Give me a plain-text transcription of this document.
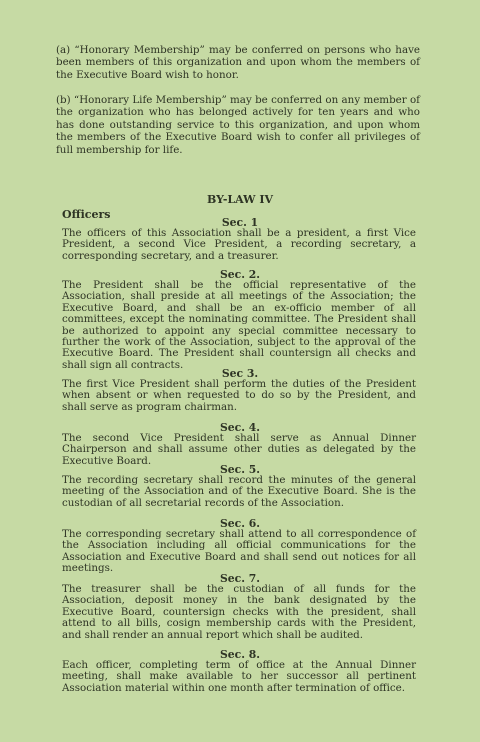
(a) “Honorary Membership” may be conferred on persons who have been members of this organization and upon whom the members of the Executive Board wish to honor.

(b) “Honorary Life Membership” may be conferred on any member of the organization who has belonged actively for ten years and who has done outstanding service to this organization, and upon whom the members of the Executive Board wish to confer all privileges of full membership for life.

BY-LAW IV

Officers

Sec. 1

The officers of this Association shall be a president, a first Vice President, a second Vice President, a recording secretary, a corresponding secretary, and a treasurer.

Sec. 2.

The President shall be the official representative of the Association, shall preside at all meetings of the Association; the Executive Board, and shall be an ex-officio member of all committees, except the nominating committee. The President shall be authorized to appoint any special committee necessary to further the work of the Association, subject to the approval of the Executive Board. The President shall countersign all checks and shall sign all contracts.

Sec 3.

The first Vice President shall perform the duties of the President when absent or when requested to do so by the President, and shall serve as program chairman.

Sec. 4.

The second Vice President shall serve as Annual Dinner Chairperson and shall assume other duties as delegated by the Executive Board.

Sec. 5.

The recording secretary shall record the minutes of the general meeting of the Association and of the Executive Board. She is the custodian of all secretarial records of the Association.

Sec. 6.

The corresponding secretary shall attend to all correspondence of the Association including all official communications for the Association and Executive Board and shall send out notices for all meetings.

Sec. 7.

The treasurer shall be the custodian of all funds for the Association, deposit money in the bank designated by the Executive Board, countersign checks with the president, shall attend to all bills, cosign membership cards with the President, and shall render an annual report which shall be audited.

Sec. 8.

Each officer, completing term of office at the Annual Dinner meeting, shall make available to her successor all pertinent Association material within one month after termination of office.
